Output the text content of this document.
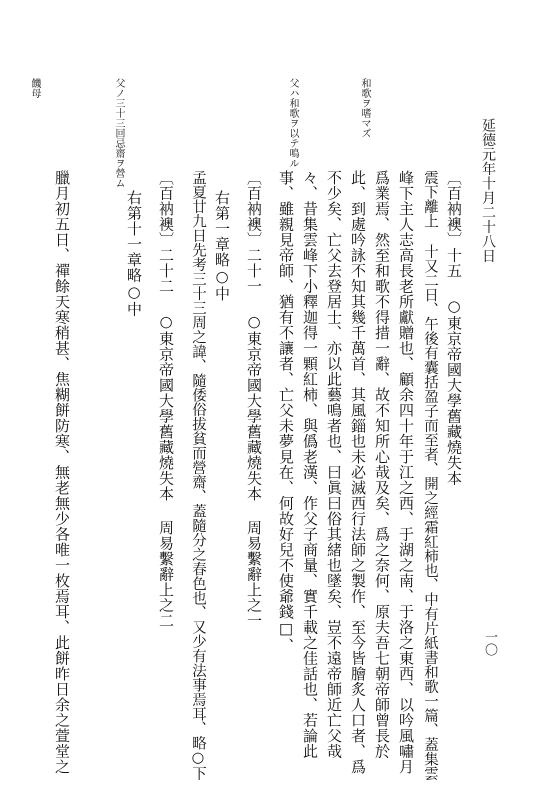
延德元年十月二十八日
一〇
和歌ヲ嗜マズ
父ハ和歌ヲ以テ鳴ル
父ノ三十三回忌齋ヲ營ム
饑母
〔百衲襖〕十五 ○東京帝國大學舊藏燒失本
震下離上 十又二日、午後有囊括盈子而至者、開之經霜紅柿也、中有片紙書和歌一篇、蓋集雲
峰下主人志高長老所獻贈也、顧余四十年于江之西、于湖之南、于洛之東西、以吟風嘯月
爲業焉、然至和歌不得措一辭、故不知所心哉及矣、爲之奈何、原夫吾七朝帝師曾長於
此、到處吟詠不知其幾千萬首、其風錙也未必滅西行法師之製作、至今皆膾炙人口者、爲
不少矣、亡父去登居士、亦以此藝鳴者也、曰眞曰俗其緒也墜矣、豈不遠帝師近亡父哉
々、昔集雲峰下小釋迦得一顆紅柿、與僞老漢、作父子商量、實千載之佳話也、若論此
事、雖親見帝師、猶有不讓者、亡父未夢見在、何故好兒不使爺錢□、
〔百衲襖〕二十一 ○東京帝國大學舊藏燒失本 周易繫辭上之一
右第一章略○中
孟夏廿九日先考三十三周之諱、隨倭俗拔貧而營齋、蓋隨分之春色也、又少有法事焉耳、略○下
〔百衲襖〕二十二 ○東京帝國大學舊藏燒失本 周易繫辭上之二
右第十一章略○中
臘月初五日、禪餘天寒稍甚、焦糊餅防寒、無老無少各唯一枚焉耳、此餅昨日余之萱堂之
